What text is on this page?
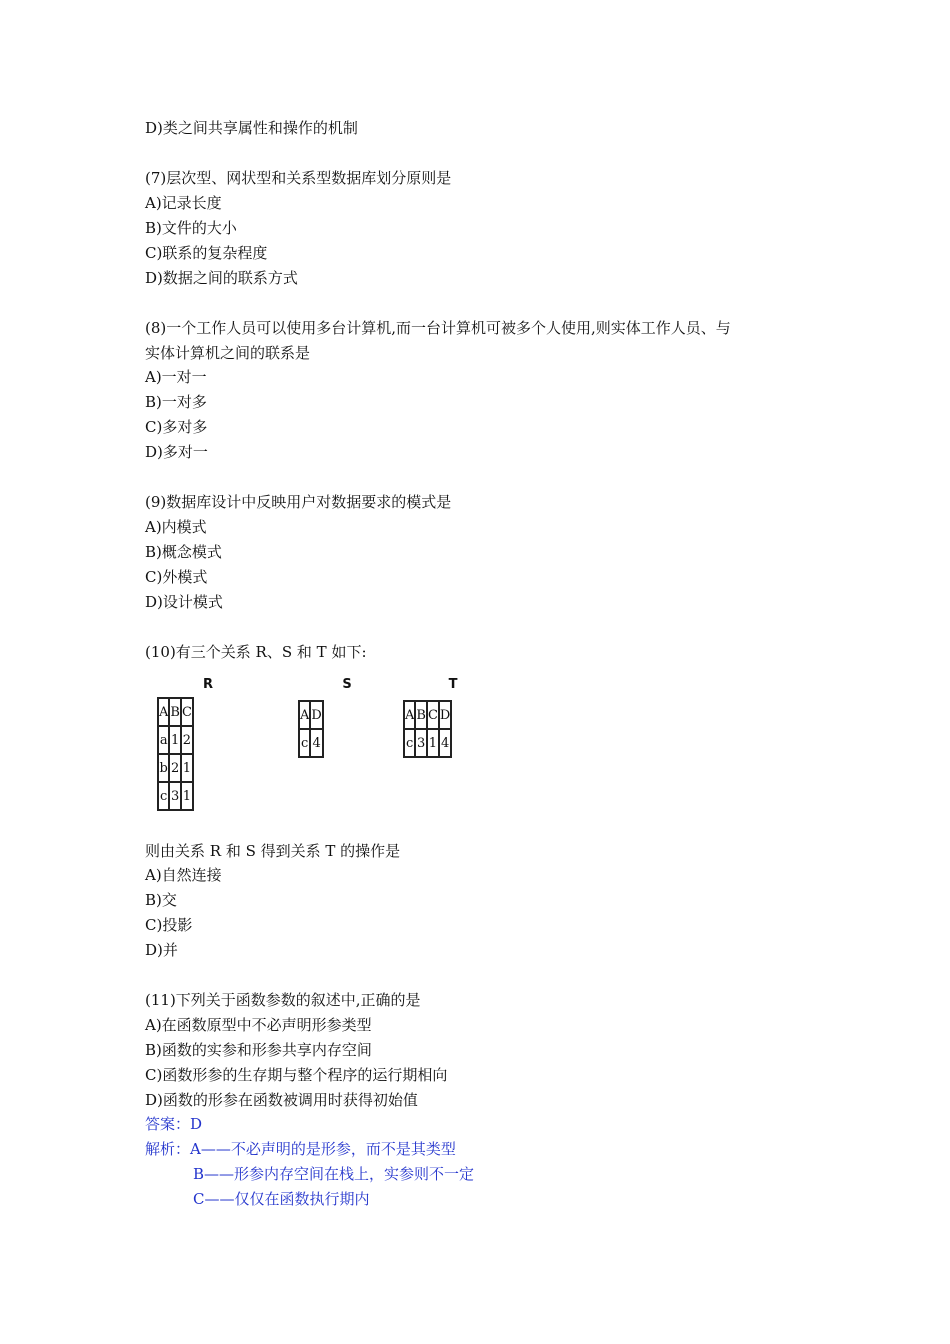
D)类之间共享属性和操作的机制
(7)层次型、网状型和关系型数据库划分原则是
A)记录长度
B)文件的大小
C)联系的复杂程度
D)数据之间的联系方式
(8)一个工作人员可以使用多台计算机,而一台计算机可被多个人使用,则实体工作人员、与
实体计算机之间的联系是
A)一对一
B)一对多
C)多对多
D)多对一
(9)数据库设计中反映用户对数据要求的模式是
A)内模式
B)概念模式
C)外模式
D)设计模式
(10)有三个关系 R、S 和 T 如下:
R
A	B	C
a	1	2
b	2	1
c	3	1
S
A	D
c	4
T
A	B	C	D
c	3	1	4
则由关系 R 和 S 得到关系 T 的操作是
A)自然连接
B)交
C)投影
D)并
(11)下列关于函数参数的叙述中,正确的是
A)在函数原型中不必声明形参类型
B)函数的实参和形参共享内存空间
C)函数形参的生存期与整个程序的运行期相向
D)函数的形参在函数被调用时获得初始值
答案：D
解析：A——不必声明的是形参，而不是其类型
B——形参内存空间在栈上，实参则不一定
C——仅仅在函数执行期内
